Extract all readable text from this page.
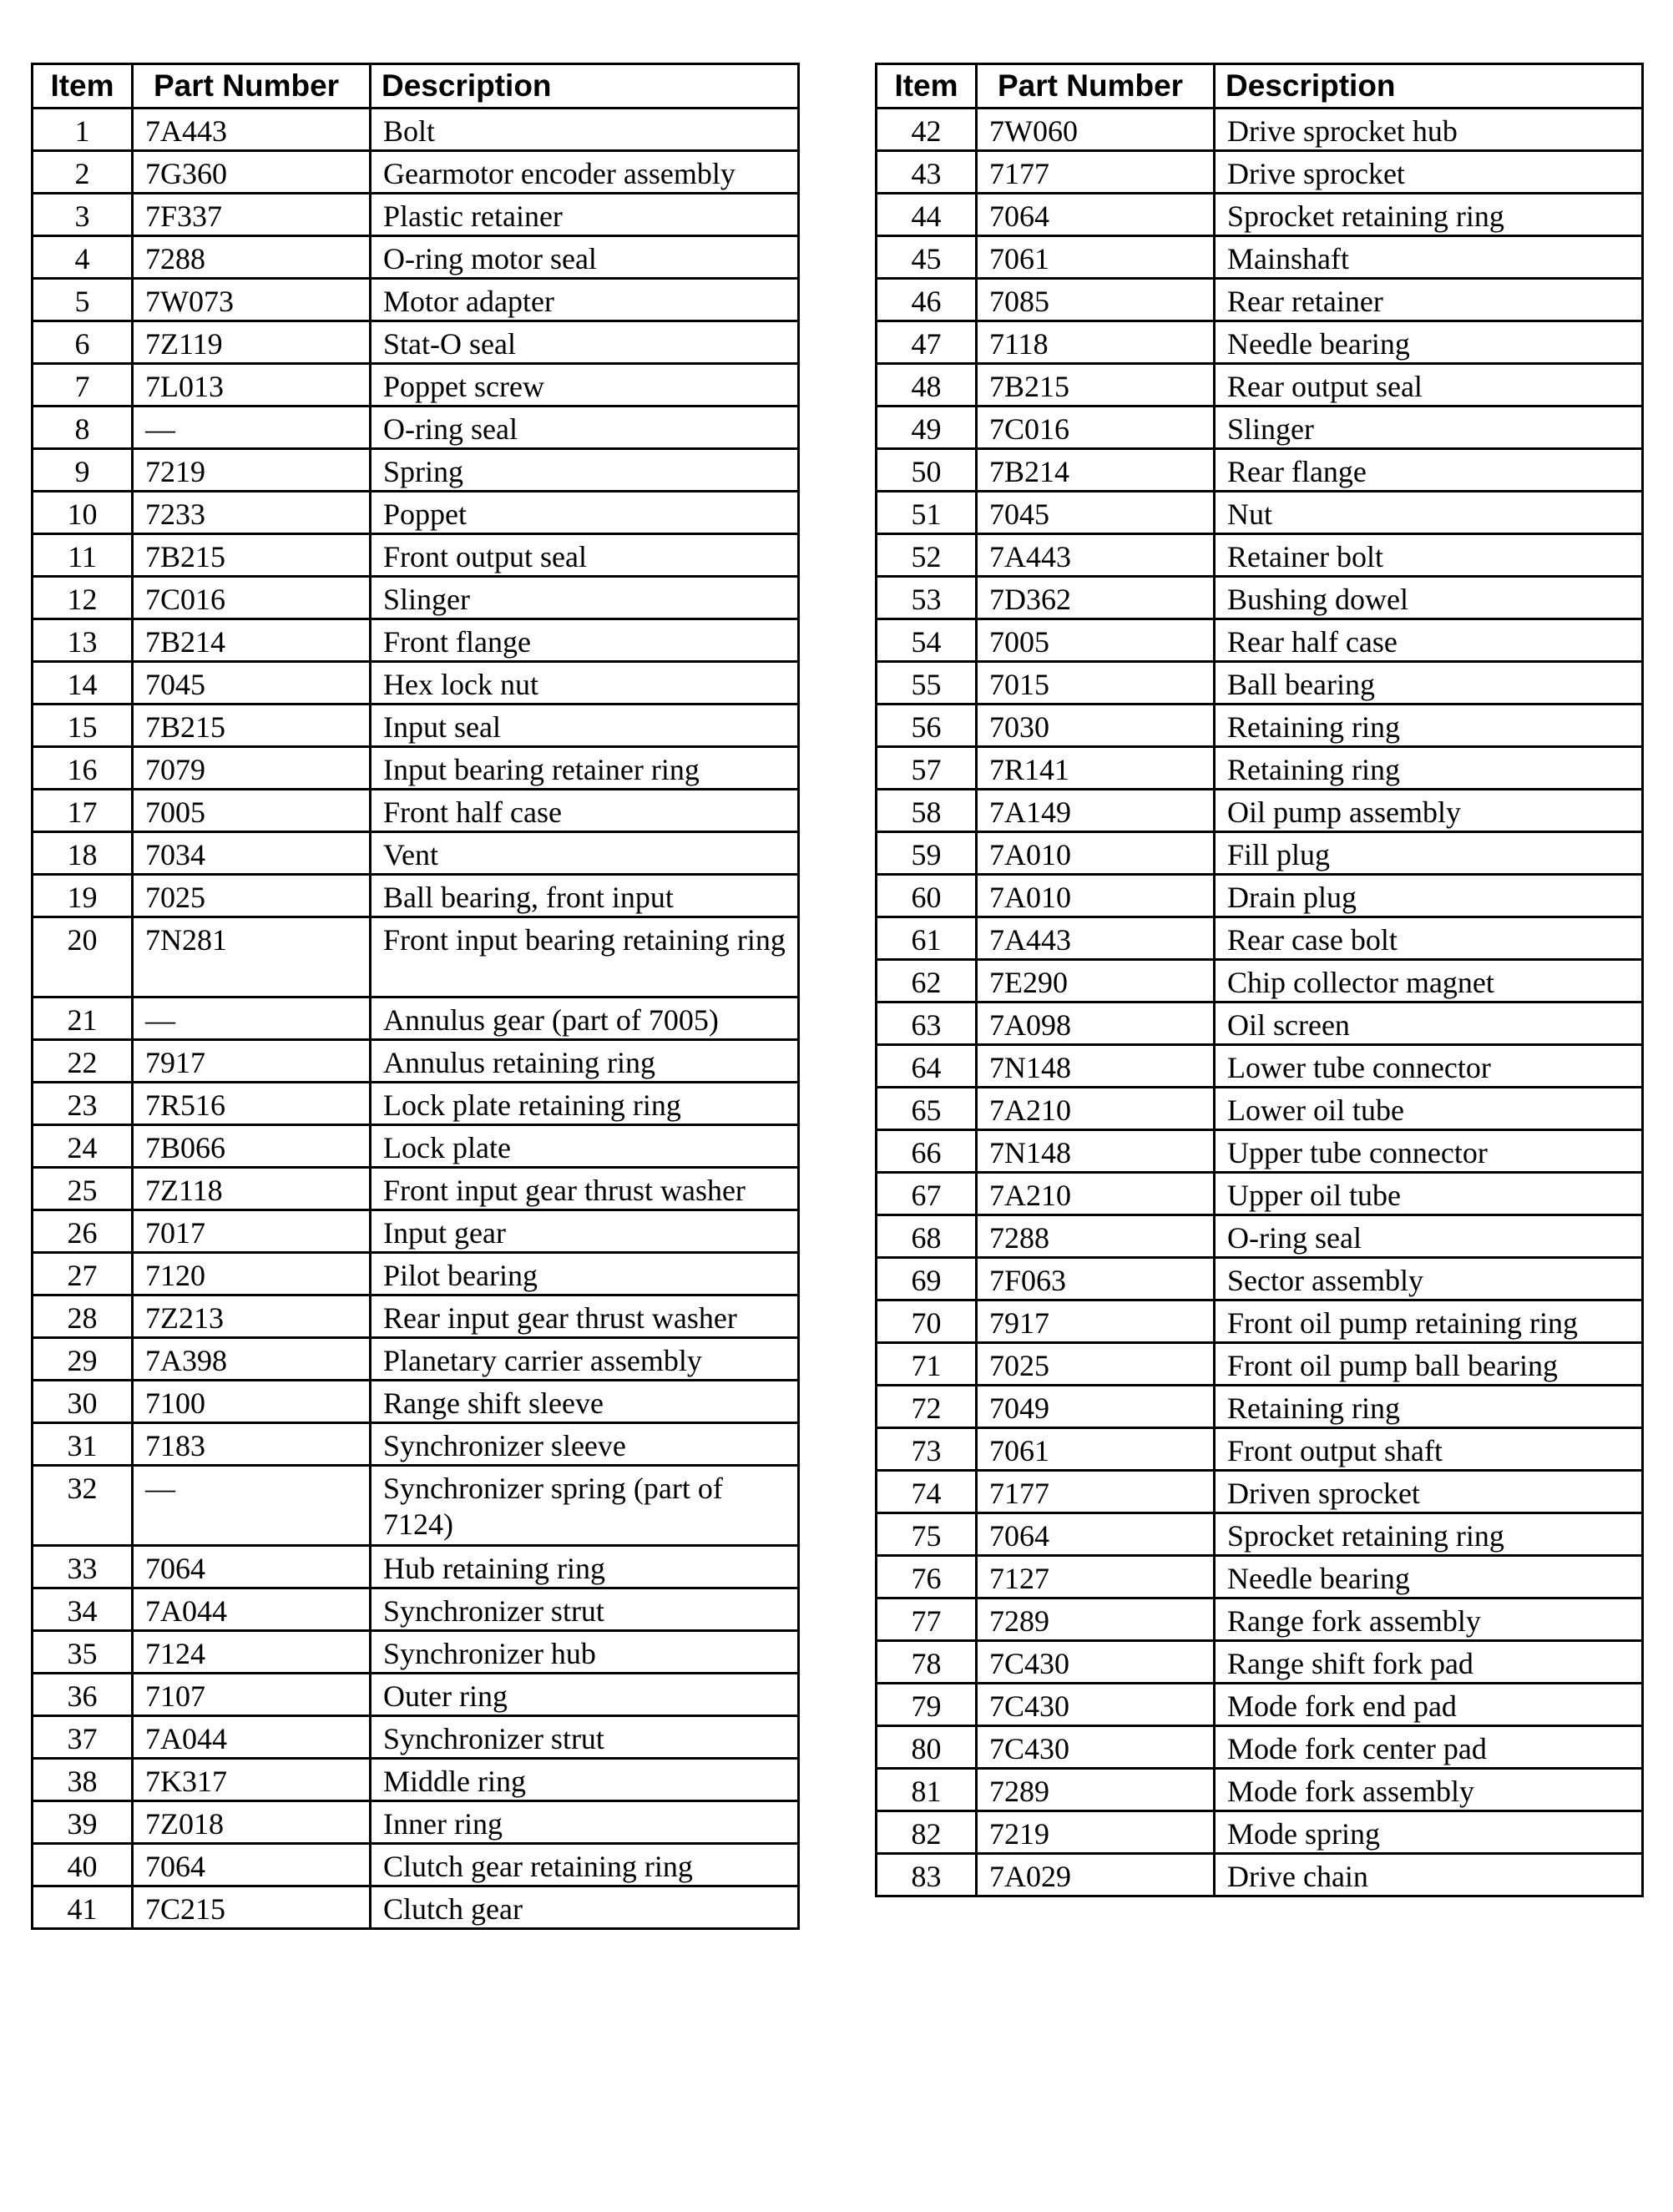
Item	Part Number	Description
1	7A443	Bolt
2	7G360	Gearmotor encoder assembly
3	7F337	Plastic retainer
4	7288	O-ring motor seal
5	7W073	Motor adapter
6	7Z119	Stat-O seal
7	7L013	Poppet screw
8	—	O-ring seal
9	7219	Spring
10	7233	Poppet
11	7B215	Front output seal
12	7C016	Slinger
13	7B214	Front flange
14	7045	Hex lock nut
15	7B215	Input seal
16	7079	Input bearing retainer ring
17	7005	Front half case
18	7034	Vent
19	7025	Ball bearing, front input
20	7N281	Front input bearing retaining ring
21	—	Annulus gear (part of 7005)
22	7917	Annulus retaining ring
23	7R516	Lock plate retaining ring
24	7B066	Lock plate
25	7Z118	Front input gear thrust washer
26	7017	Input gear
27	7120	Pilot bearing
28	7Z213	Rear input gear thrust washer
29	7A398	Planetary carrier assembly
30	7100	Range shift sleeve
31	7183	Synchronizer sleeve
32	—	Synchronizer spring (part of 7124)
33	7064	Hub retaining ring
34	7A044	Synchronizer strut
35	7124	Synchronizer hub
36	7107	Outer ring
37	7A044	Synchronizer strut
38	7K317	Middle ring
39	7Z018	Inner ring
40	7064	Clutch gear retaining ring
41	7C215	Clutch gear
Item	Part Number	Description
42	7W060	Drive sprocket hub
43	7177	Drive sprocket
44	7064	Sprocket retaining ring
45	7061	Mainshaft
46	7085	Rear retainer
47	7118	Needle bearing
48	7B215	Rear output seal
49	7C016	Slinger
50	7B214	Rear flange
51	7045	Nut
52	7A443	Retainer bolt
53	7D362	Bushing dowel
54	7005	Rear half case
55	7015	Ball bearing
56	7030	Retaining ring
57	7R141	Retaining ring
58	7A149	Oil pump assembly
59	7A010	Fill plug
60	7A010	Drain plug
61	7A443	Rear case bolt
62	7E290	Chip collector magnet
63	7A098	Oil screen
64	7N148	Lower tube connector
65	7A210	Lower oil tube
66	7N148	Upper tube connector
67	7A210	Upper oil tube
68	7288	O-ring seal
69	7F063	Sector assembly
70	7917	Front oil pump retaining ring
71	7025	Front oil pump ball bearing
72	7049	Retaining ring
73	7061	Front output shaft
74	7177	Driven sprocket
75	7064	Sprocket retaining ring
76	7127	Needle bearing
77	7289	Range fork assembly
78	7C430	Range shift fork pad
79	7C430	Mode fork end pad
80	7C430	Mode fork center pad
81	7289	Mode fork assembly
82	7219	Mode spring
83	7A029	Drive chain
